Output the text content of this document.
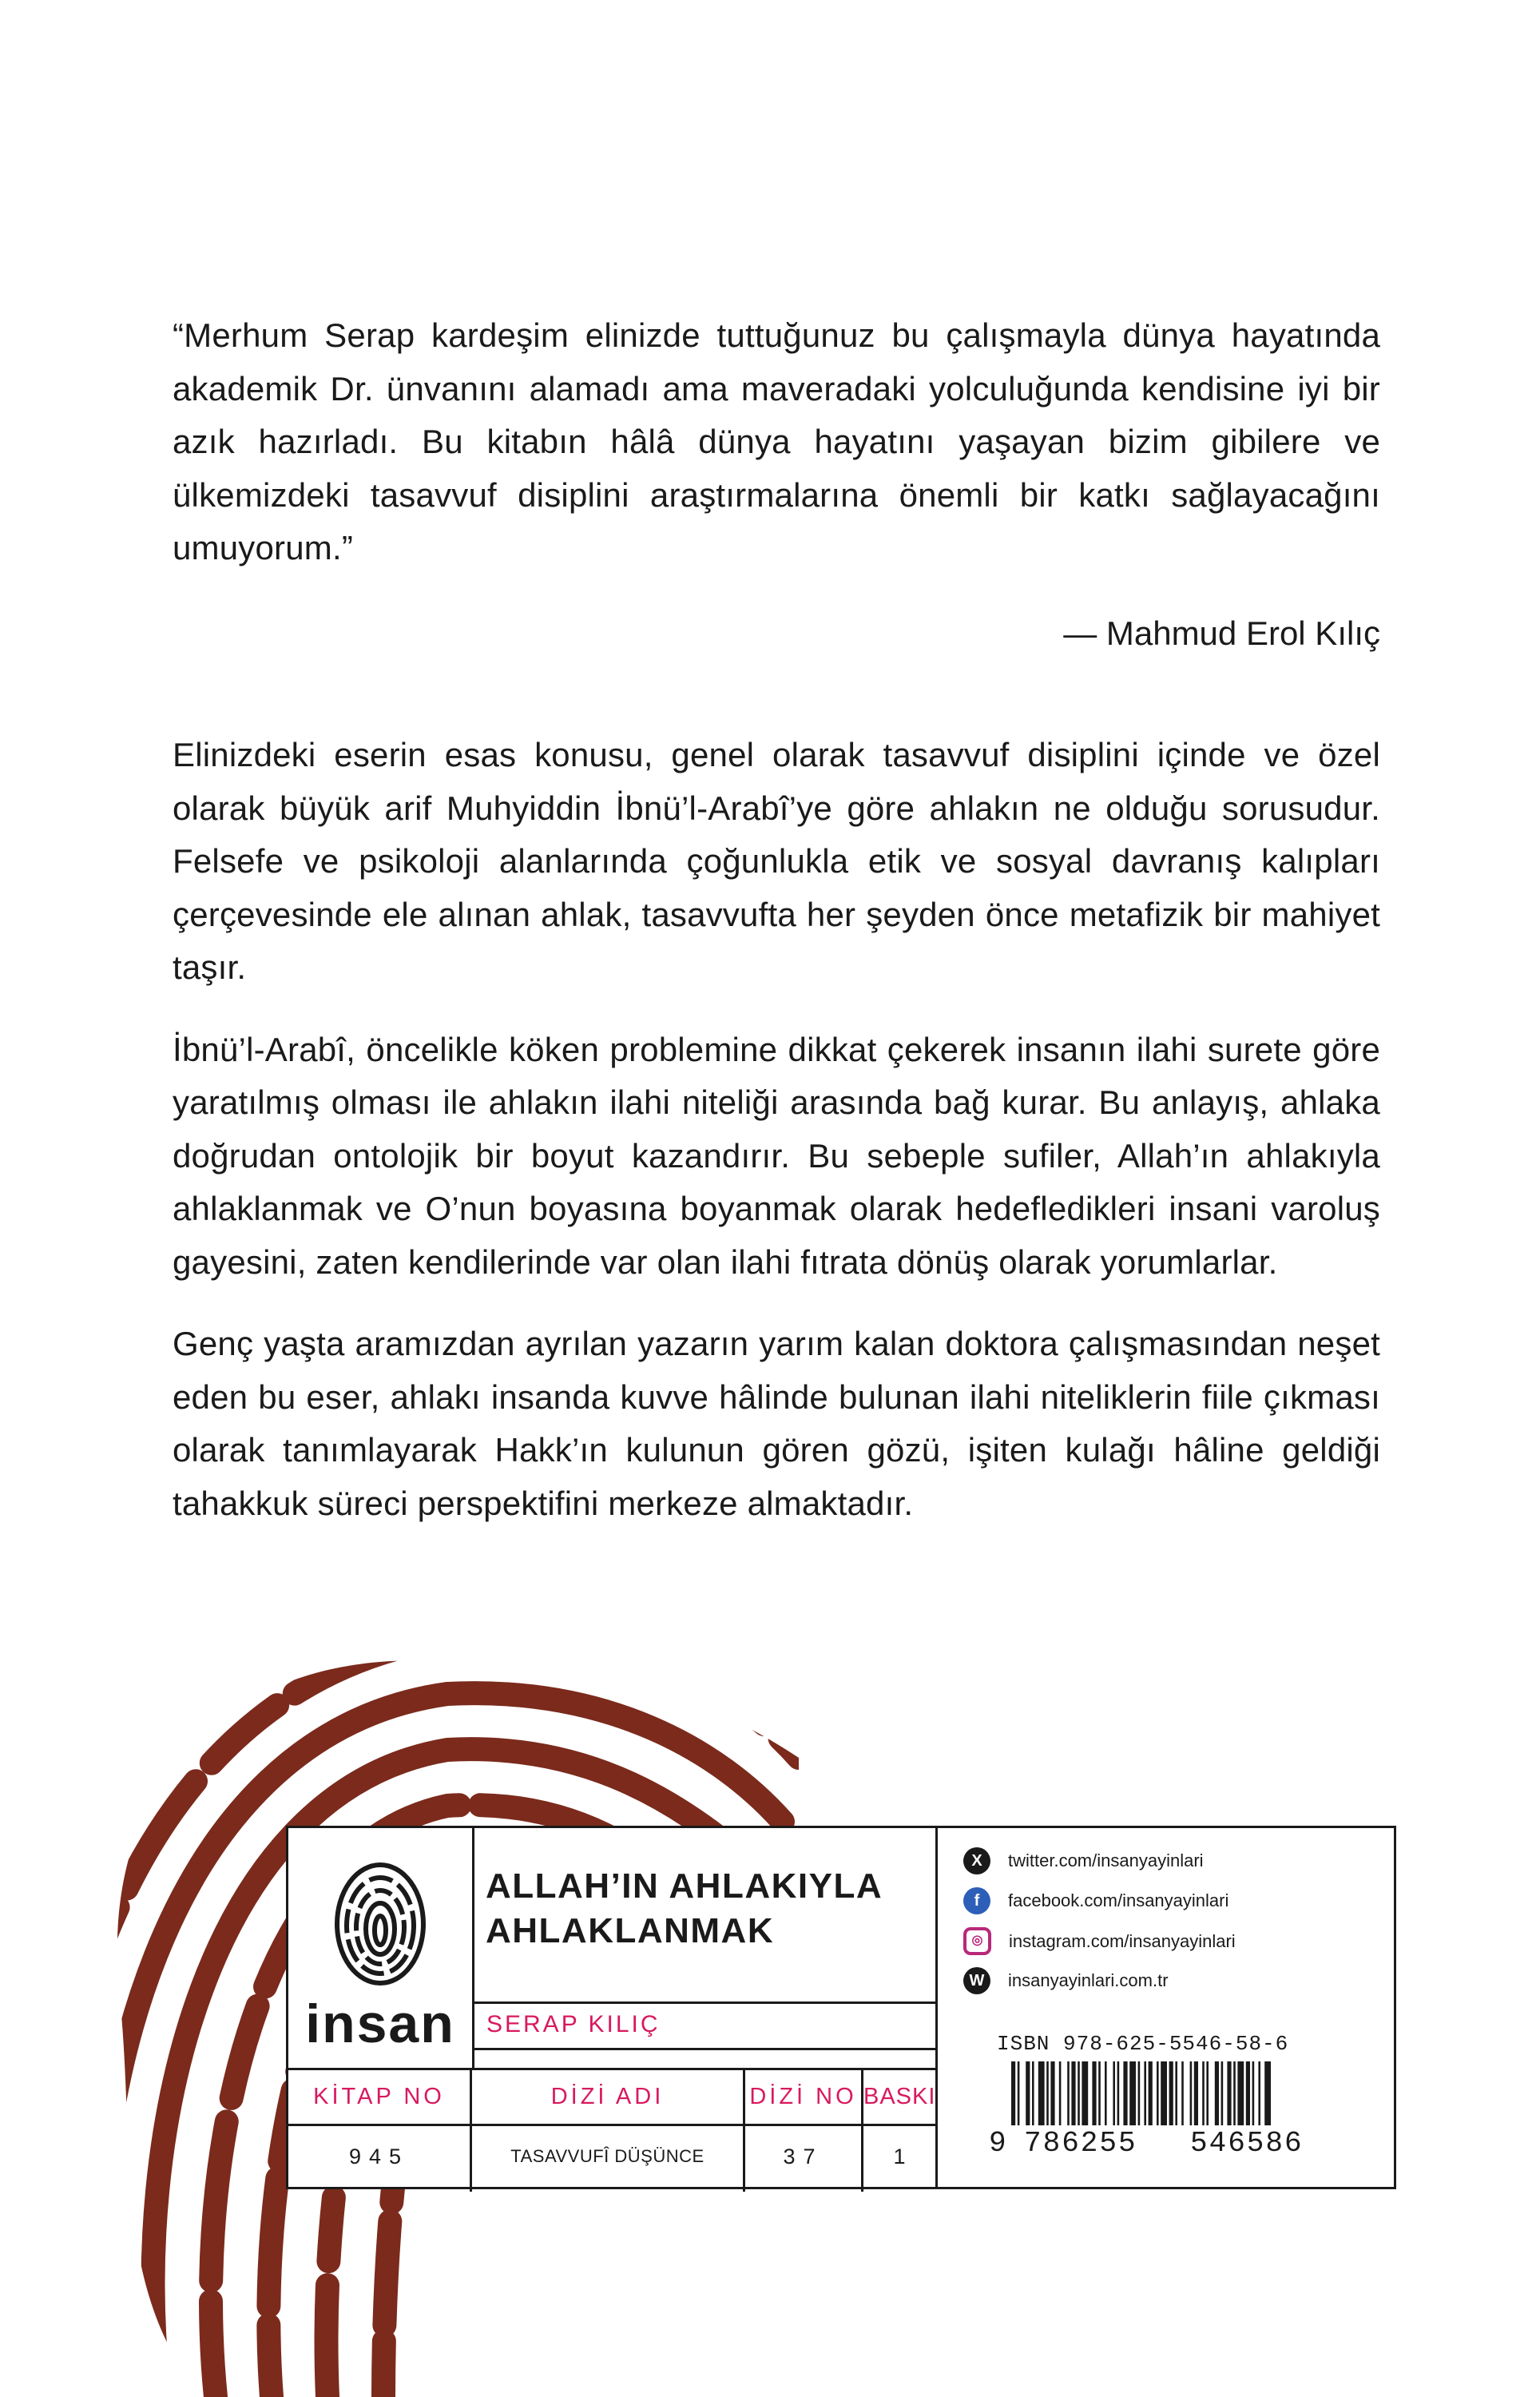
“Merhum Serap kardeşim elinizde tuttuğunuz bu çalışmayla dünya hayatında akademik Dr. ünvanını alamadı ama maveradaki yolculuğunda kendisine iyi bir azık hazırladı. Bu kitabın hâlâ dünya hayatını yaşayan bizim gibilere ve ülkemizdeki tasavvuf disiplini araştırmalarına önemli bir katkı sağlayacağını umuyorum.”

— Mahmud Erol Kılıç

Elinizdeki eserin esas konusu, genel olarak tasavvuf disiplini içinde ve özel olarak büyük arif Muhyiddin İbnü’l-Arabî’ye göre ahlakın ne olduğu sorusudur. Felsefe ve psikoloji alanlarında çoğunlukla etik ve sosyal davranış kalıpları çerçevesinde ele alınan ahlak, tasavvufta her şeyden önce metafizik bir mahiyet taşır.

İbnü’l-Arabî, öncelikle köken problemine dikkat çekerek insanın ilahi surete göre yaratılmış olması ile ahlakın ilahi niteliği arasında bağ kurar. Bu anlayış, ahlaka doğrudan ontolojik bir boyut kazandırır. Bu sebeple sufiler, Allah’ın ahlakıyla ahlaklanmak ve O’nun boyasına boyanmak olarak hedefledikleri insani varoluş gayesini, zaten kendilerinde var olan ilahi fıtrata dönüş olarak yorumlarlar.

Genç yaşta aramızdan ayrılan yazarın yarım kalan doktora çalışmasından neşet eden bu eser, ahlakı insanda kuvve hâlinde bulunan ilahi niteliklerin fiile çıkması olarak tanımlayarak Hakk’ın kulunun gören gözü, işiten kulağı hâline geldiği tahakkuk süreci perspektifini merkeze almaktadır.

insan
ALLAH’IN AHLAKIYLA
AHLAKLANMAK
SERAP KILIÇ
KİTAP NO
945
DİZİ ADI
TASAVVUFÎ DÜŞÜNCE
DİZİ NO
37
BASKI
1
X	twitter.com/insanyayinlari
f	facebook.com/insanyayinlari
◎	instagram.com/insanyayinlari
W	insanyayinlari.com.tr
ISBN 978-625-5546-58-6
9 786255 546586
